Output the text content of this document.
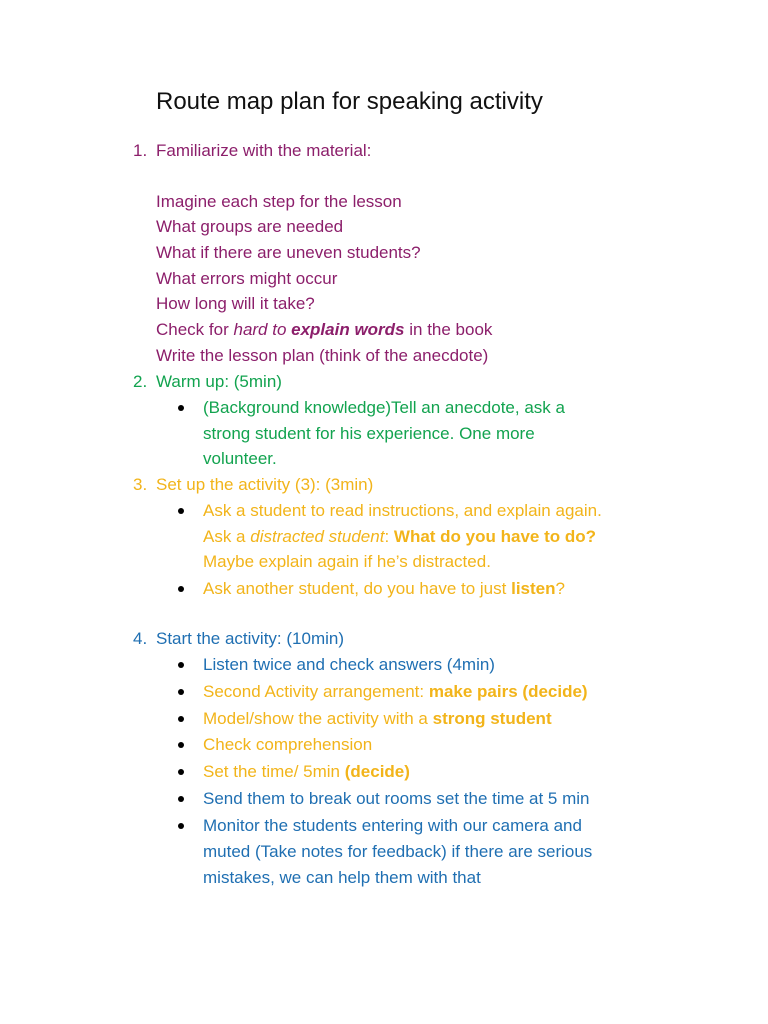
Route map plan for speaking activity
1. Familiarize with the material:
Imagine each step for the lesson
What groups are needed
What if there are uneven students?
What errors might occur
How long will it take?
Check for hard to explain words in the book
Write the lesson plan (think of the anecdote)
2. Warm up: (5min)
(Background knowledge)Tell an anecdote, ask a
strong student for his experience. One more
volunteer.
3. Set up the activity (3): (3min)
Ask a student to read instructions, and explain again.
Ask a distracted student: What do you have to do?
Maybe explain again if he’s distracted.
Ask another student, do you have to just listen?
4. Start the activity: (10min)
Listen twice and check answers (4min)
Second Activity arrangement: make pairs (decide)
Model/show the activity with a strong student
Check comprehension
Set the time/ 5min (decide)
Send them to break out rooms set the time at 5 min
Monitor the students entering with our camera and
muted (Take notes for feedback) if there are serious
mistakes, we can help them with that
